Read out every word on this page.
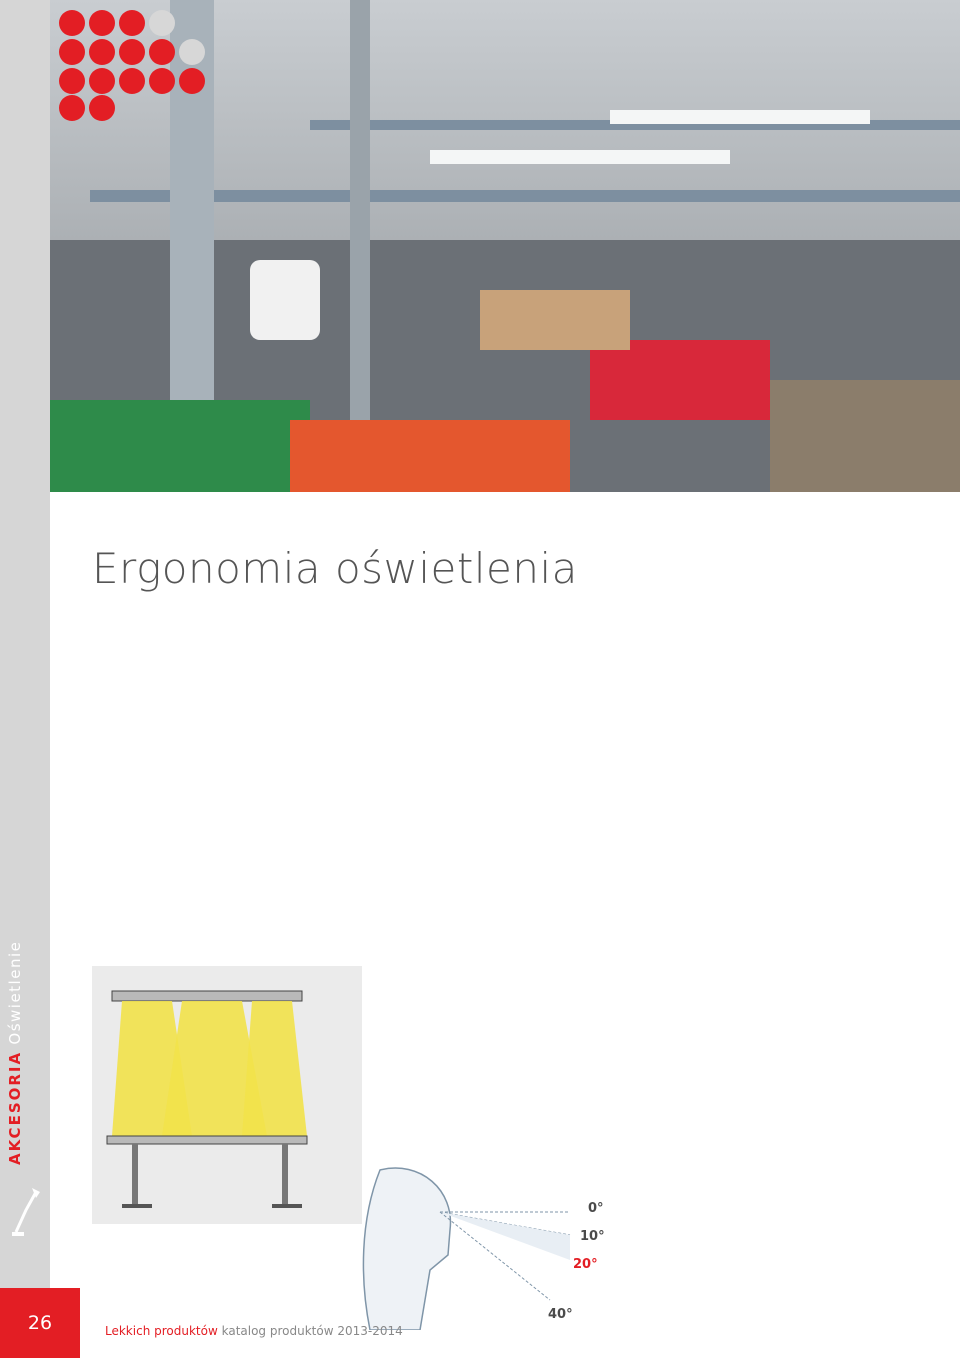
AKCESORIA Oświetlenie
Ergonomia oświetlenia
0°
10°
20°
40°
26	Lekkich produktów katalog produktów 2013-2014
